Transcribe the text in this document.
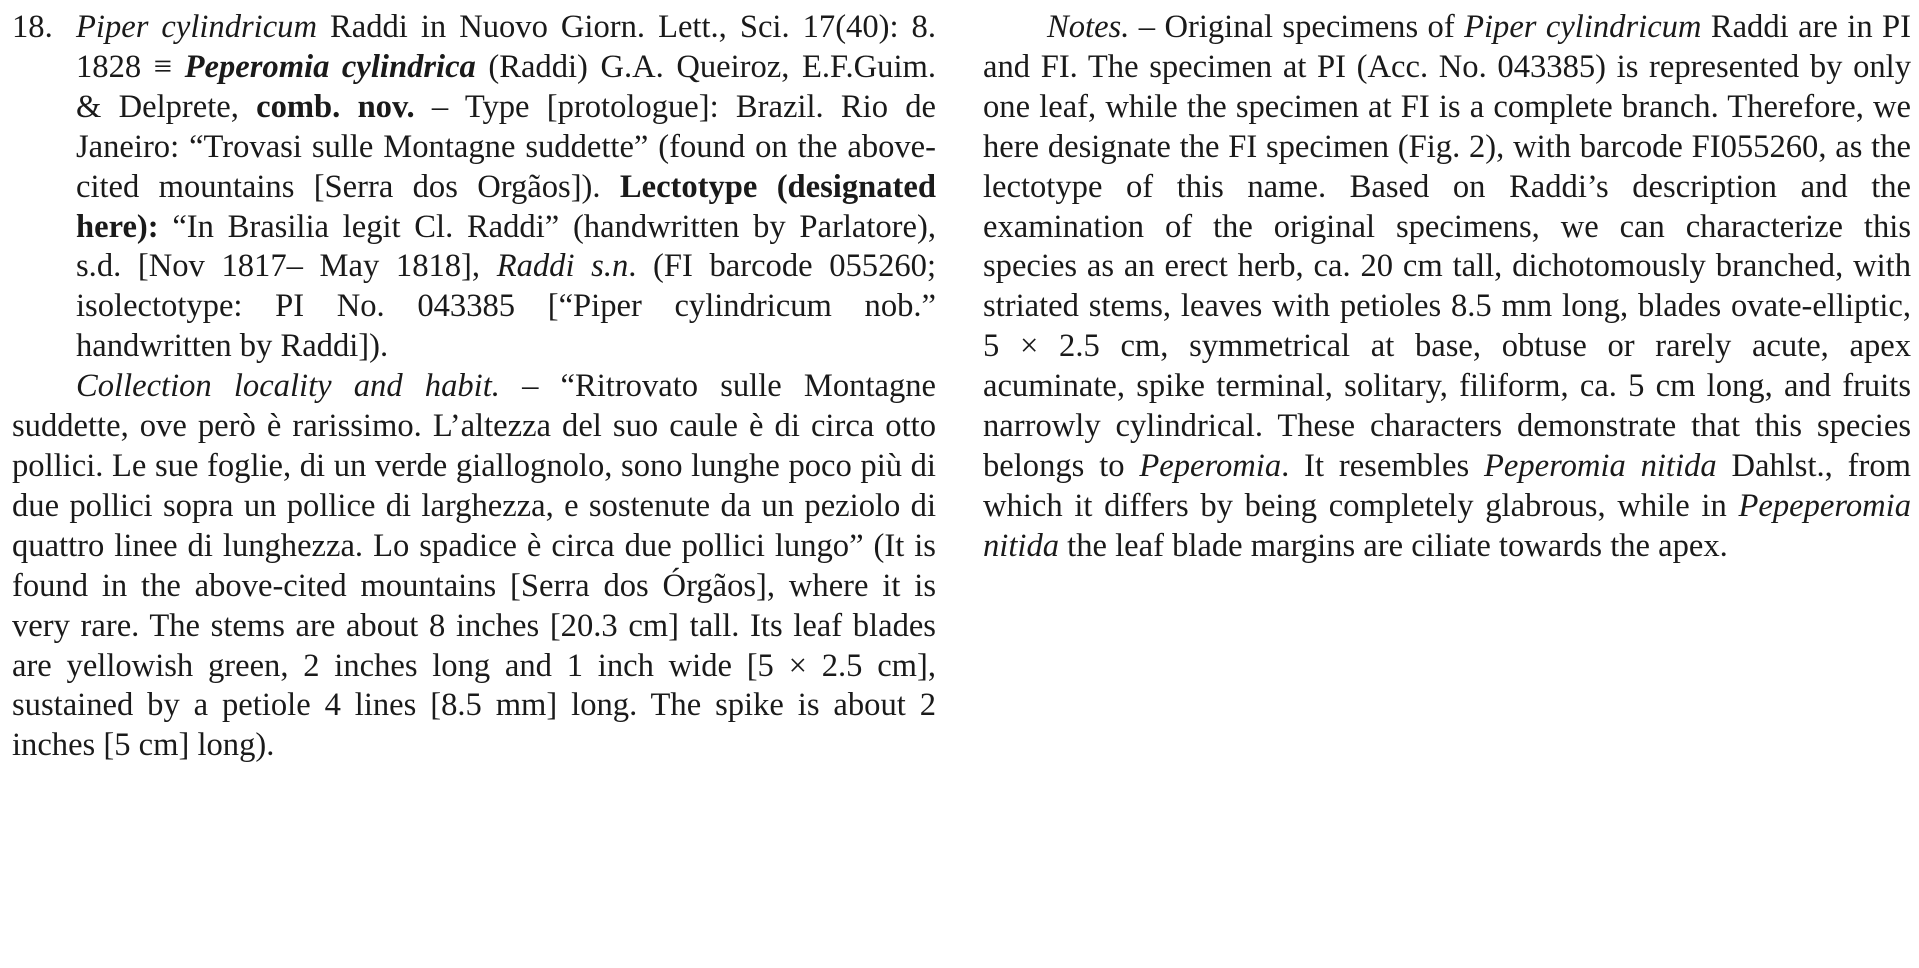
18. Piper cylindricum Raddi in Nuovo Giorn. Lett., Sci. 17(40): 8. 1828 ≡ Peperomia cylindrica (Raddi) G.A. Queiroz, E.F.Guim. & Delprete, comb. nov. – Type [protologue]: Brazil. Rio de Janeiro: “Trovasi sulle Montagne suddette” (found on the above-cited mountains [Serra dos Orgãos]). Lectotype (designated here): “In Brasilia legit Cl. Raddi” (handwritten by Parlatore), s.d. [Nov 1817– May 1818], Raddi s.n. (FI barcode 055260; isolectotype: PI No. 043385 [“Piper cylindricum nob.” handwritten by Raddi]).

Collection locality and habit. – “Ritrovato sulle Montagne suddette, ove però è rarissimo. L’altezza del suo caule è di circa otto pollici. Le sue foglie, di un verde giallognolo, sono lunghe poco più di due pollici sopra un pollice di larghezza, e sostenute da un peziolo di quattro linee di lunghezza. Lo spadice è circa due pollici lungo” (It is found in the above-cited mountains [Serra dos Órgãos], where it is very rare. The stems are about 8 inches [20.3 cm] tall. Its leaf blades are yellowish green, 2 inches long and 1 inch wide [5 × 2.5 cm], sustained by a petiole 4 lines [8.5 mm] long. The spike is about 2 inches [5 cm] long).

Notes. – Original specimens of Piper cylindricum Raddi are in PI and FI. The specimen at PI (Acc. No. 043385) is represented by only one leaf, while the specimen at FI is a complete branch. Therefore, we here designate the FI specimen (Fig. 2), with barcode FI055260, as the lectotype of this name. Based on Raddi’s description and the examination of the original specimens, we can characterize this species as an erect herb, ca. 20 cm tall, dichotomously branched, with striated stems, leaves with petioles 8.5 mm long, blades ovate-elliptic, 5 × 2.5 cm, symmetrical at base, obtuse or rarely acute, apex acuminate, spike terminal, solitary, filiform, ca. 5 cm long, and fruits narrowly cylindrical. These characters demonstrate that this species belongs to Peperomia. It resembles Peperomia nitida Dahlst., from which it differs by being completely glabrous, while in Pepeperomia nitida the leaf blade margins are ciliate towards the apex.
